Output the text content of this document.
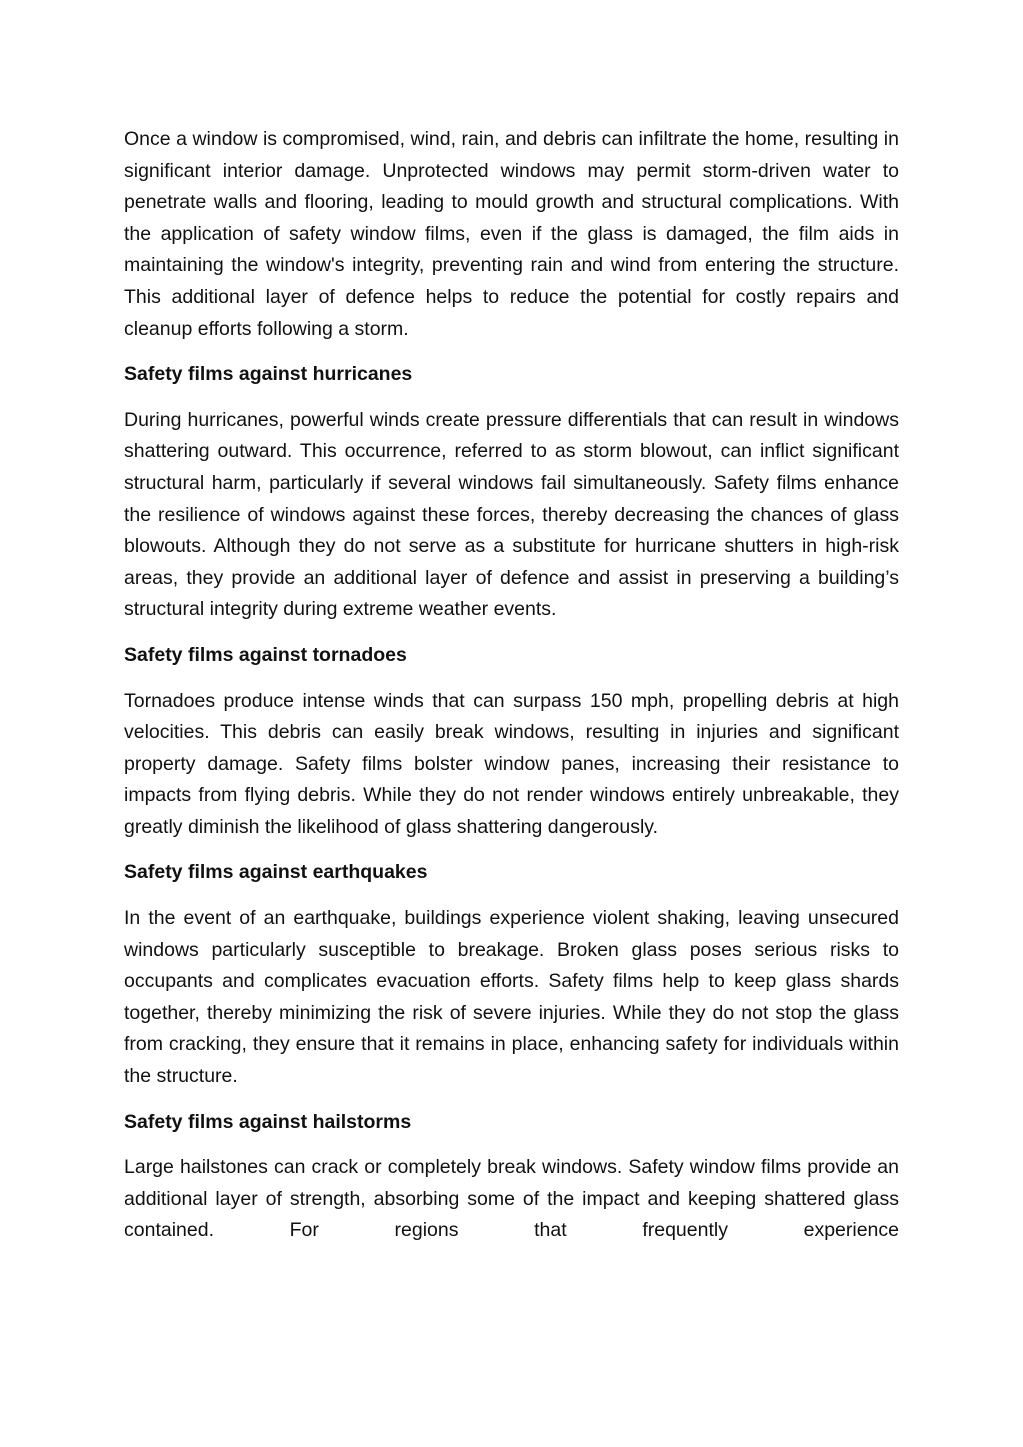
Once a window is compromised, wind, rain, and debris can infiltrate the home, resulting in significant interior damage. Unprotected windows may permit storm-driven water to penetrate walls and flooring, leading to mould growth and structural complications. With the application of safety window films, even if the glass is damaged, the film aids in maintaining the window's integrity, preventing rain and wind from entering the structure. This additional layer of defence helps to reduce the potential for costly repairs and cleanup efforts following a storm.

Safety films against hurricanes

During hurricanes, powerful winds create pressure differentials that can result in windows shattering outward. This occurrence, referred to as storm blowout, can inflict significant structural harm, particularly if several windows fail simultaneously. Safety films enhance the resilience of windows against these forces, thereby decreasing the chances of glass blowouts. Although they do not serve as a substitute for hurricane shutters in high-risk areas, they provide an additional layer of defence and assist in preserving a building’s structural integrity during extreme weather events.

Safety films against tornadoes

Tornadoes produce intense winds that can surpass 150 mph, propelling debris at high velocities. This debris can easily break windows, resulting in injuries and significant property damage. Safety films bolster window panes, increasing their resistance to impacts from flying debris. While they do not render windows entirely unbreakable, they greatly diminish the likelihood of glass shattering dangerously.

Safety films against earthquakes

In the event of an earthquake, buildings experience violent shaking, leaving unsecured windows particularly susceptible to breakage. Broken glass poses serious risks to occupants and complicates evacuation efforts. Safety films help to keep glass shards together, thereby minimizing the risk of severe injuries. While they do not stop the glass from cracking, they ensure that it remains in place, enhancing safety for individuals within the structure.

Safety films against hailstorms

Large hailstones can crack or completely break windows. Safety window films provide an additional layer of strength, absorbing some of the impact and keeping shattered glass contained. For regions that frequently experience
